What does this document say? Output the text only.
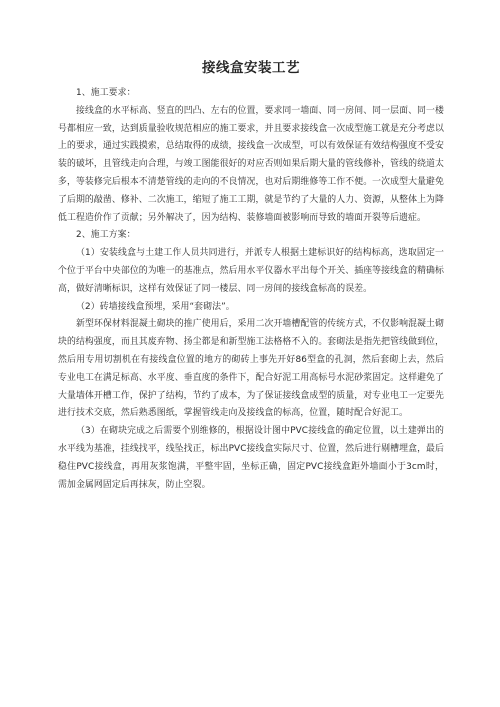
接线盒安装工艺

1、施工要求：

接线盒的水平标高、竖直的凹凸、左右的位置，要求同一墙面、同一房间、同一层面、同一楼号都相应一致，达到质量验收规范相应的施工要求，并且要求接线盒一次成型施工就是充分考虑以上的要求，通过实践摸索，总结取得的成绩，接线盒一次成型，可以有效保证有效结构强度不受安装的破坏，且管线走向合理，与竣工图能很好的对应否则如果后期大量的管线修补，管线的绕道太多，等装修完后根本不清楚管线的走向的不良情况，也对后期维修等工作不便。一次成型大量避免了后期的敲凿、修补、二次施工，缩短了施工工期，就是节约了大量的人力、资源，从整体上为降低工程造价作了贡献；另外解决了，因为结构、装修墙面被影响而导致的墙面开裂等后遗症。

2、施工方案：

（1）安装线盒与土建工作人员共同进行，并派专人根据土建标识好的结构标高，选取固定一个位于平台中央部位的为唯一的基准点，然后用水平仪器水平出每个开关、插座等接线盒的精确标高，做好清晰标识，这样有效保证了同一楼层、同一房间的接线盒标高的误差。

（2）砖墙接线盒预埋，采用“套砌法”。

新型环保材料混凝土砌块的推广使用后，采用二次开墙槽配管的传统方式，不仅影响混凝土砌块的结构强度，而且其废弃物、扬尘都是和新型施工法格格不入的。套砌法是指先把管线做到位，然后用专用切割机在有接线盒位置的地方的砌砖上事先开好86型盒的孔洞，然后套砌上去，然后专业电工在满足标高、水平度、垂直度的条件下，配合好泥工用高标号水泥砂浆固定。这样避免了大量墙体开槽工作，保护了结构，节约了成本，为了保证接线盒成型的质量，对专业电工一定要先进行技术交底，然后熟悉图纸，掌握管线走向及接线盒的标高，位置，随时配合好泥工。

（3）在砌块完成之后需要个别维修的，根据设计图中PVC接线盒的确定位置，以土建弹出的水平线为基准，挂线找平，线坠找正，标出PVC接线盒实际尺寸、位置，然后进行剔槽埋盒，最后稳住PVC接线盒，再用灰浆饱满，平整牢固，坐标正确，固定PVC接线盒距外墙面小于3cm时，需加金属网固定后再抹灰，防止空裂。
